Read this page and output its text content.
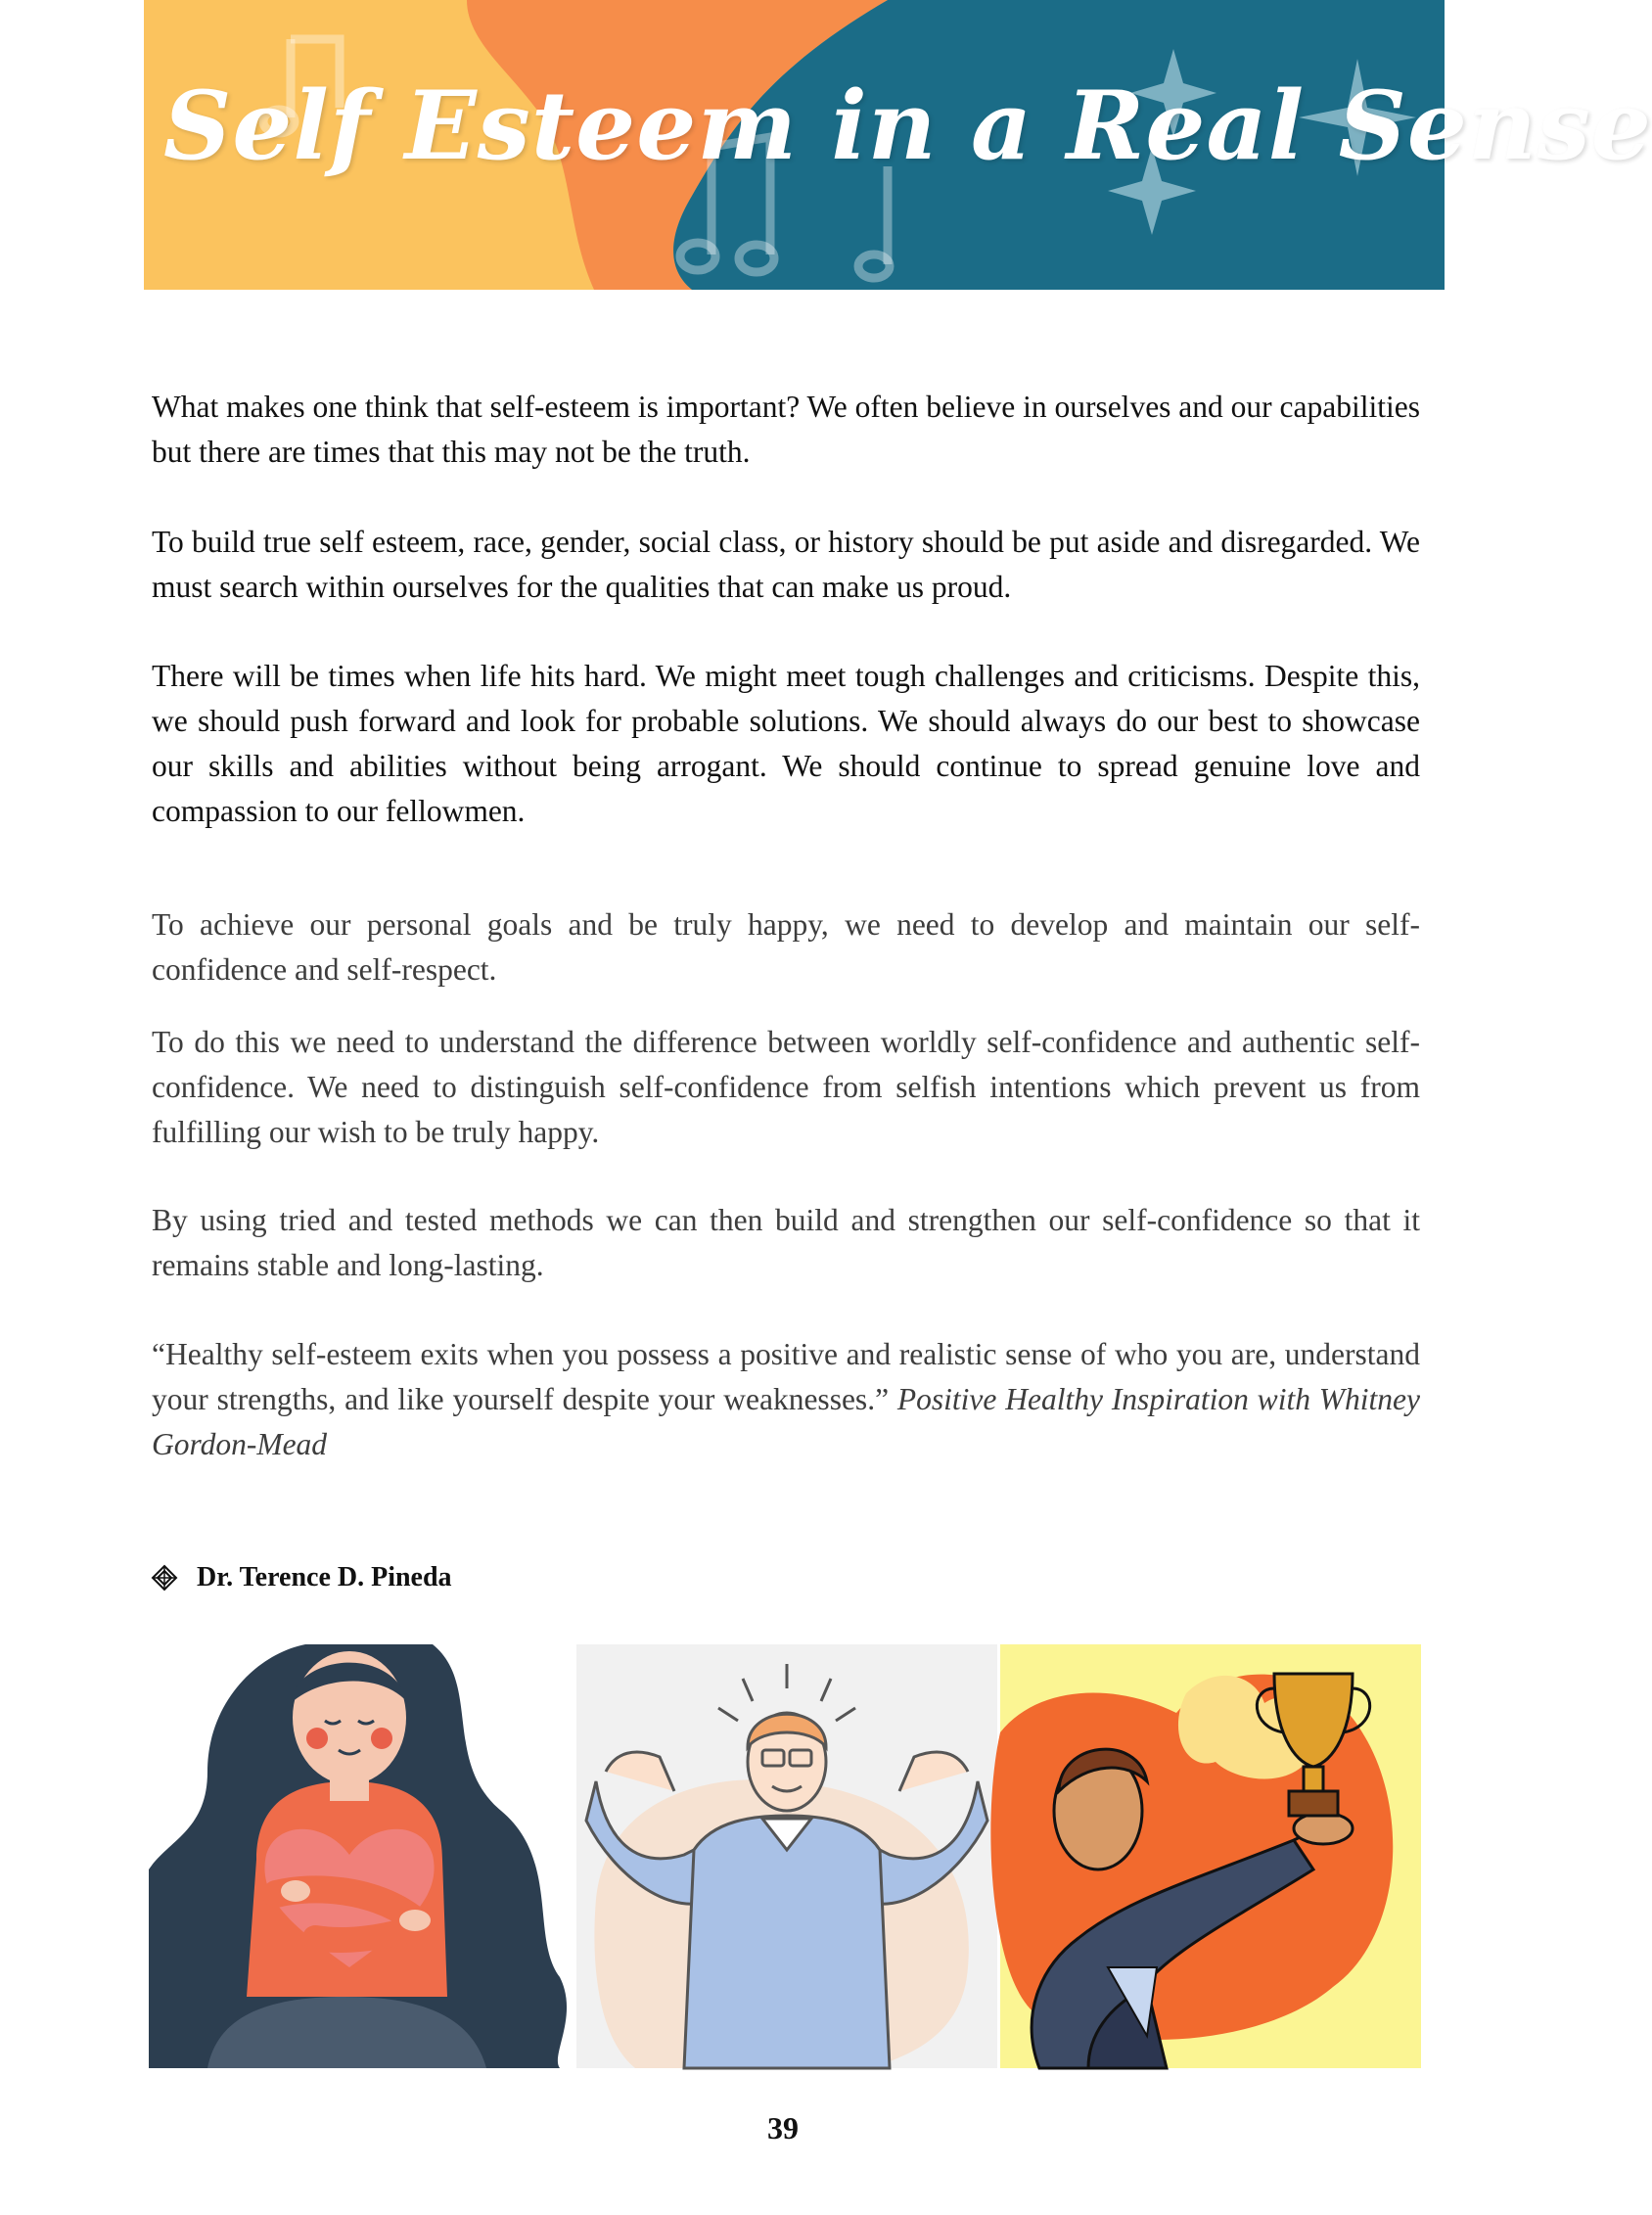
Self Esteem in a Real Sense

What makes one think that self-esteem is important? We often believe in ourselves and our capabilities but there are times that this may not be the truth.

To build true self esteem, race, gender, social class, or history should be put aside and disregarded. We must search within ourselves for the qualities that can make us proud.

There will be times when life hits hard. We might meet tough challenges and criticisms. Despite this, we should push forward and look for probable solutions. We should always do our best to showcase our skills and abilities without being arrogant. We should continue to spread genuine love and compassion to our fellowmen.

To achieve our personal goals and be truly happy, we need to develop and maintain our self-confidence and self-respect.

To do this we need to understand the difference between worldly self-confidence and authentic self-confidence. We need to distinguish self-confidence from selfish intentions which prevent us from fulfilling our wish to be truly happy.

By using tried and tested methods we can then build and strengthen our self-confidence so that it remains stable and long-lasting.

“Healthy self-esteem exits when you possess a positive and realistic sense of who you are, understand your strengths, and like yourself despite your weaknesses.” Positive Healthy Inspiration with Whitney Gordon-Mead

Dr. Terence D. Pineda
39
